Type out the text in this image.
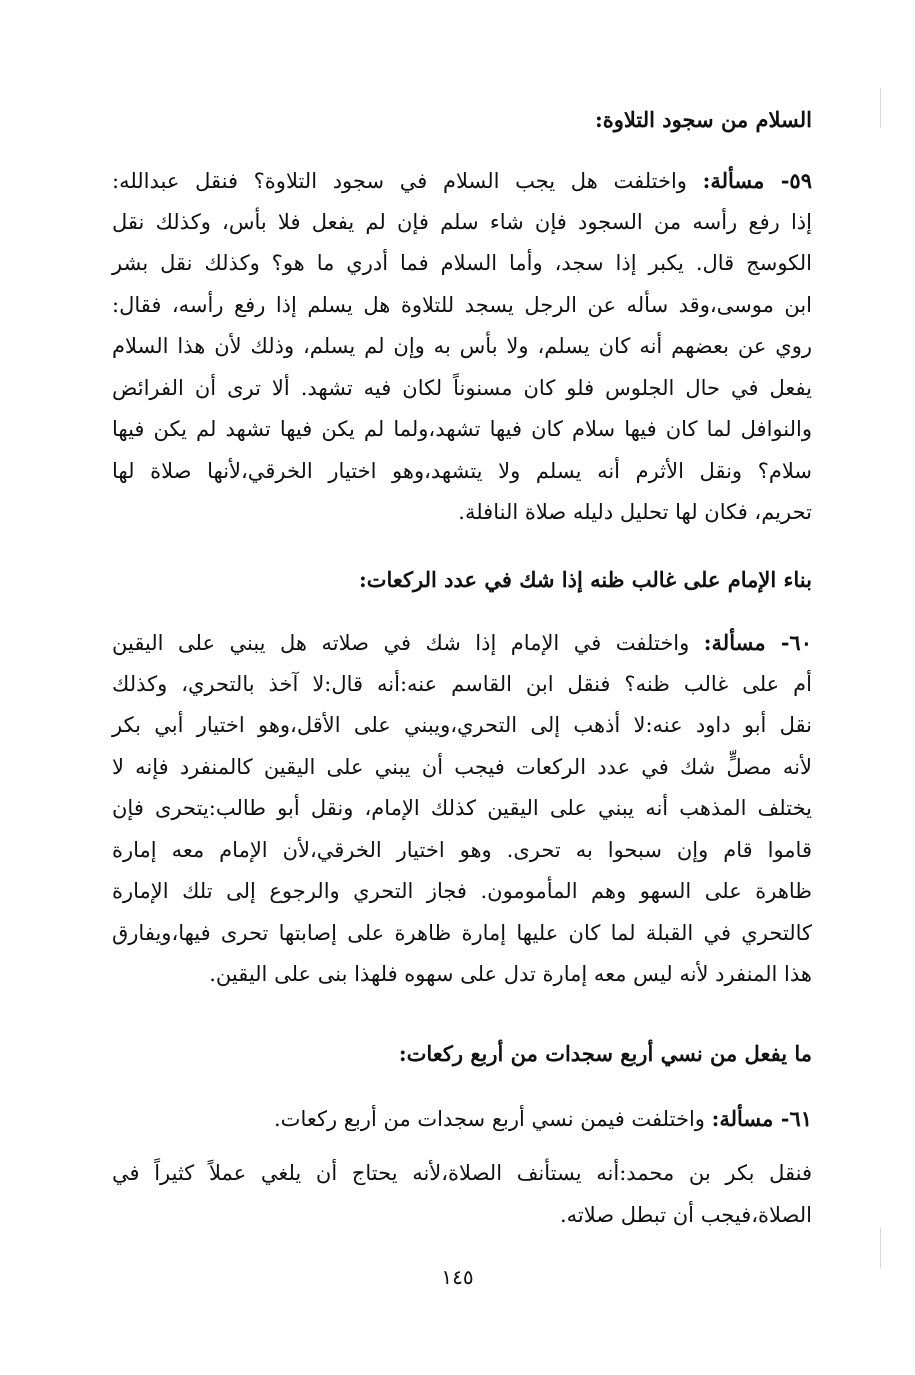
السلام من سجود التلاوة:
٥٩- مسألة: واختلفت هل يجب السلام في سجود التلاوة؟ فنقل عبدالله:
إذا رفع رأسه من السجود فإن شاء سلم فإن لم يفعل فلا بأس، وكذلك نقل
الكوسج قال. يكبر إذا سجد، وأما السلام فما أدري ما هو؟ وكذلك نقل بشر
ابن موسى،وقد سأله عن الرجل يسجد للتلاوة هل يسلم إذا رفع رأسه، فقال:
روي عن بعضهم أنه كان يسلم، ولا بأس به وإن لم يسلم، وذلك لأن هذا السلام
يفعل في حال الجلوس فلو كان مسنوناً لكان فيه تشهد. ألا ترى أن الفرائض
والنوافل لما كان فيها سلام كان فيها تشهد،ولما لم يكن فيها تشهد لم يكن فيها
سلام؟ ونقل الأثرم أنه يسلم ولا يتشهد،وهو اختيار الخرقي،لأنها صلاة لها
تحريم، فكان لها تحليل دليله صلاة النافلة.
بناء الإمام على غالب ظنه إذا شك في عدد الركعات:
٦٠- مسألة: واختلفت في الإمام إذا شك في صلاته هل يبني على اليقين
أم على غالب ظنه؟ فنقل ابن القاسم عنه:أنه قال:لا آخذ بالتحري، وكذلك
نقل أبو داود عنه:لا أذهب إلى التحري،ويبني على الأقل،وهو اختيار أبي بكر
لأنه مصلٍّ شك في عدد الركعات فيجب أن يبني على اليقين كالمنفرد فإنه لا
يختلف المذهب أنه يبني على اليقين كذلك الإمام، ونقل أبو طالب:يتحرى فإن
قاموا قام وإن سبحوا به تحرى. وهو اختيار الخرقي،لأن الإمام معه إمارة
ظاهرة على السهو وهم المأمومون. فجاز التحري والرجوع إلى تلك الإمارة
كالتحري في القبلة لما كان عليها إمارة ظاهرة على إصابتها تحرى فيها،ويفارق
هذا المنفرد لأنه ليس معه إمارة تدل على سهوه فلهذا بنى على اليقين.
ما يفعل من نسي أربع سجدات من أربع ركعات:
٦١- مسألة: واختلفت فيمن نسي أربع سجدات من أربع ركعات.
فنقل بكر بن محمد:أنه يستأنف الصلاة،لأنه يحتاج أن يلغي عملاً كثيراً في
الصلاة،فيجب أن تبطل صلاته.
١٤٥
